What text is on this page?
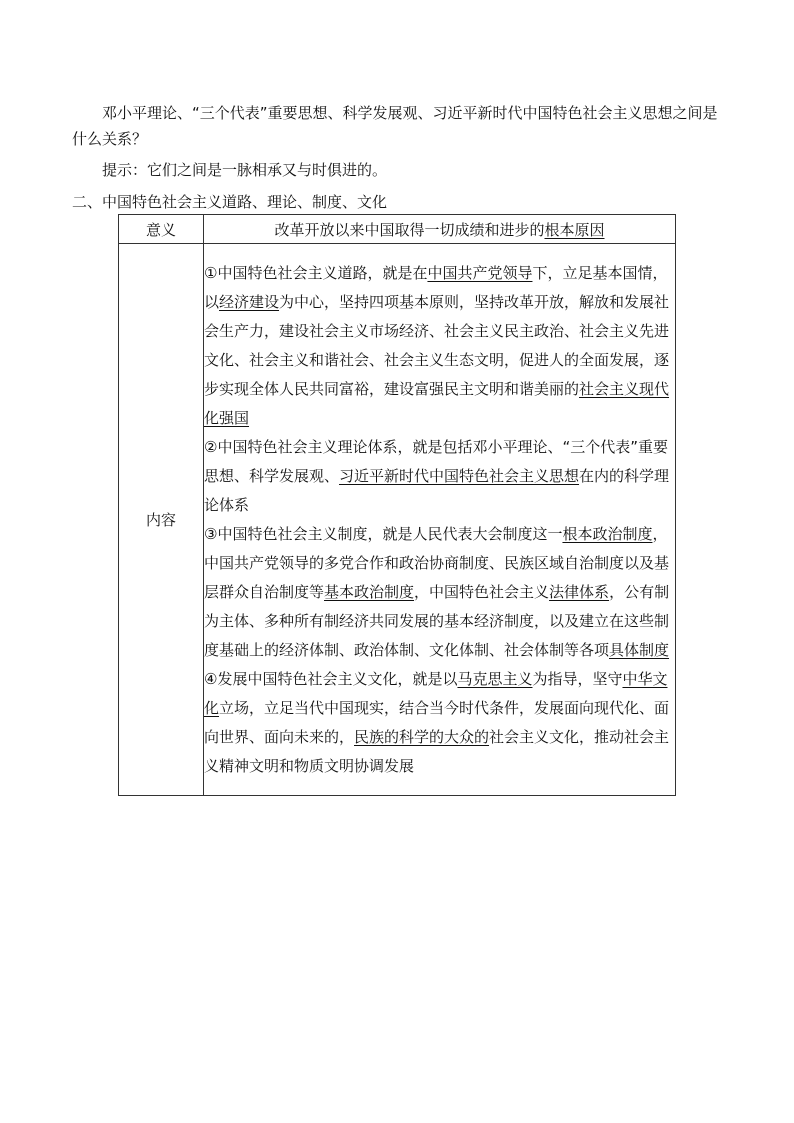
邓小平理论、“三个代表”重要思想、科学发展观、习近平新时代中国特色社会主义思想之间是什么关系？

提示：它们之间是一脉相承又与时俱进的。

二、中国特色社会主义道路、理论、制度、文化

意义	改革开放以来中国取得一切成绩和进步的根本原因

内容	①中国特色社会主义道路，就是在中国共产党领导下，立足基本国情，以经济建设为中心，坚持四项基本原则，坚持改革开放，解放和发展社会生产力，建设社会主义市场经济、社会主义民主政治、社会主义先进文化、社会主义和谐社会、社会主义生态文明，促进人的全面发展，逐步实现全体人民共同富裕，建设富强民主文明和谐美丽的社会主义现代化强国
②中国特色社会主义理论体系，就是包括邓小平理论、“三个代表”重要思想、科学发展观、习近平新时代中国特色社会主义思想在内的科学理论体系
③中国特色社会主义制度，就是人民代表大会制度这一根本政治制度，中国共产党领导的多党合作和政治协商制度、民族区域自治制度以及基层群众自治制度等基本政治制度，中国特色社会主义法律体系，公有制为主体、多种所有制经济共同发展的基本经济制度，以及建立在这些制度基础上的经济体制、政治体制、文化体制、社会体制等各项具体制度
④发展中国特色社会主义文化，就是以马克思主义为指导，坚守中华文化立场，立足当代中国现实，结合当今时代条件，发展面向现代化、面向世界、面向未来的，民族的科学的大众的社会主义文化，推动社会主义精神文明和物质文明协调发展
